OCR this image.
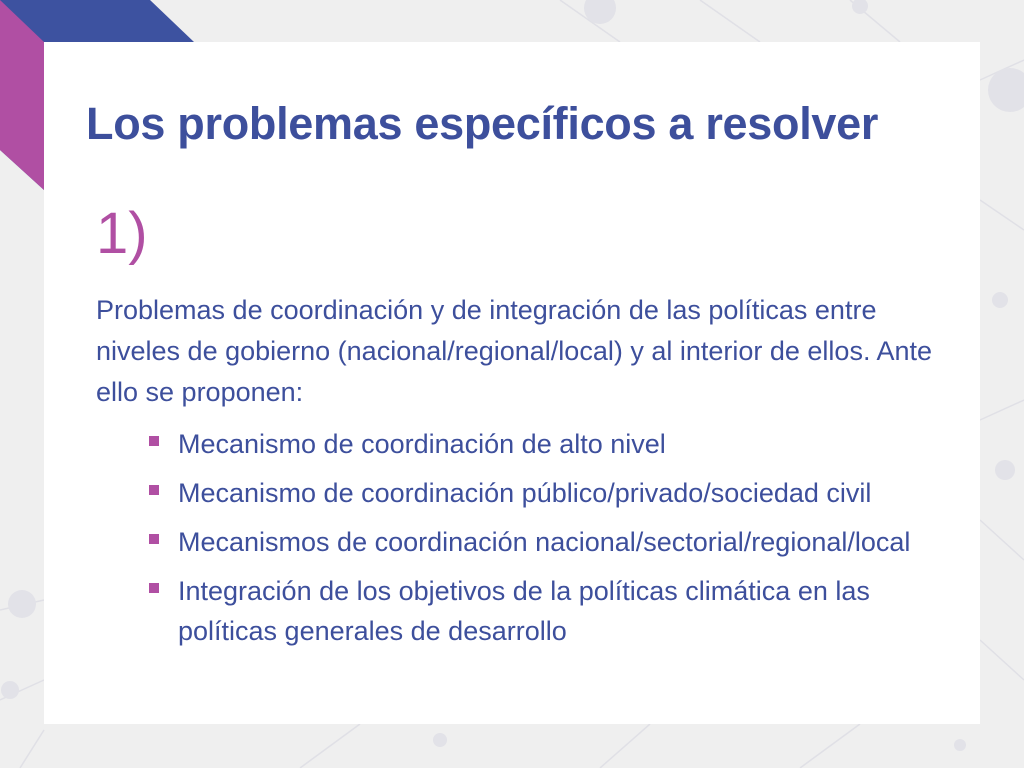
Los problemas específicos a resolver
1)

Problemas de coordinación y de integración de las políticas entre niveles de gobierno (nacional/regional/local) y al interior de ellos. Ante ello se proponen:

Mecanismo de coordinación de alto nivel
Mecanismo de coordinación público/privado/sociedad civil
Mecanismos de coordinación nacional/sectorial/regional/local
Integración de los objetivos de la políticas climática en las políticas generales de desarrollo
